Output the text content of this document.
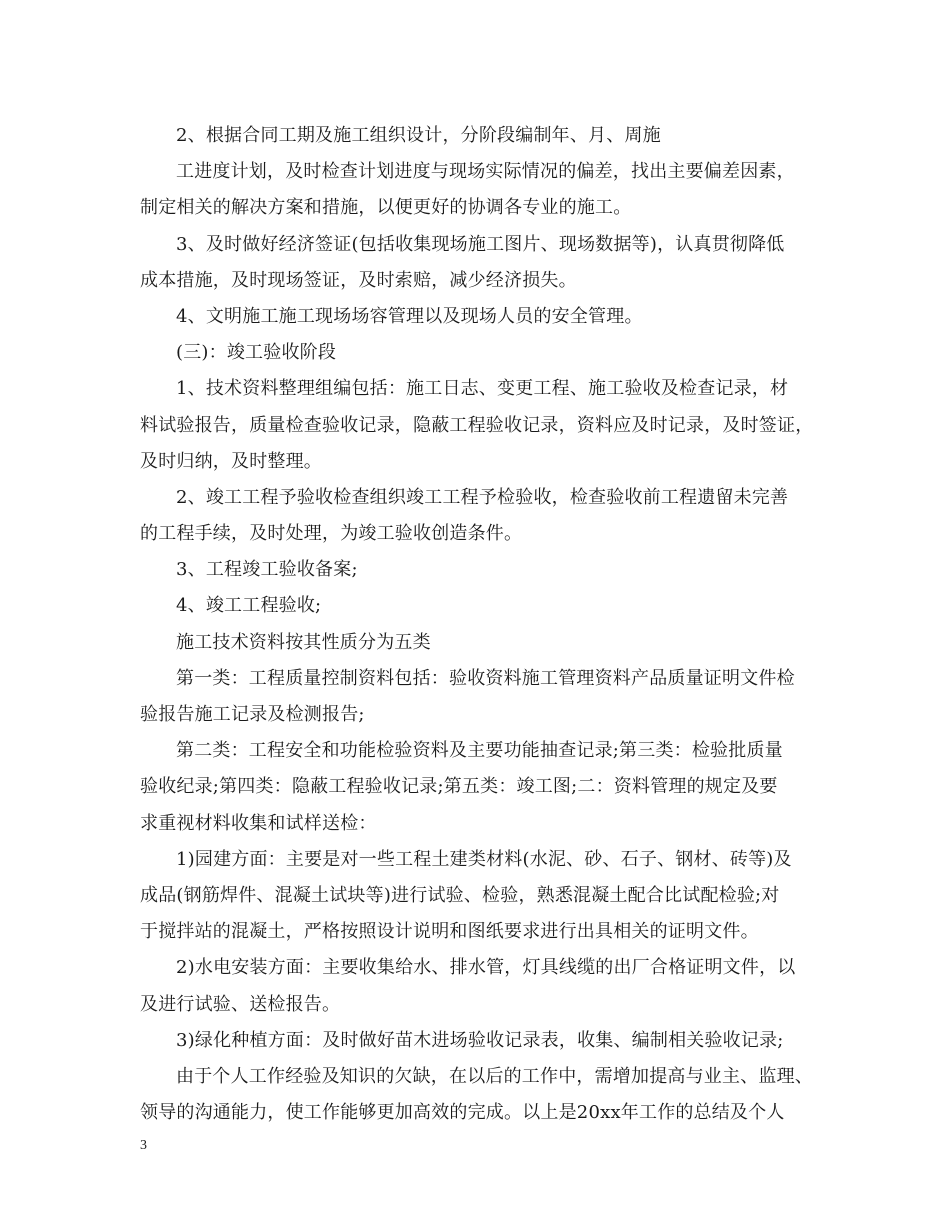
2、根据合同工期及施工组织设计，分阶段编制年、月、周施
工进度计划，及时检查计划进度与现场实际情况的偏差，找出主要偏差因素，
制定相关的解决方案和措施，以便更好的协调各专业的施工。
3、及时做好经济签证(包括收集现场施工图片、现场数据等)，认真贯彻降低
成本措施，及时现场签证，及时索赔，减少经济损失。
4、文明施工施工现场场容管理以及现场人员的安全管理。
(三)：竣工验收阶段
1、技术资料整理组编包括：施工日志、变更工程、施工验收及检查记录，材
料试验报告，质量检查验收记录，隐蔽工程验收记录，资料应及时记录，及时签证，
及时归纳，及时整理。
2、竣工工程予验收检查组织竣工工程予检验收，检查验收前工程遗留未完善
的工程手续，及时处理，为竣工验收创造条件。
3、工程竣工验收备案;
4、竣工工程验收;
施工技术资料按其性质分为五类
第一类：工程质量控制资料包括：验收资料施工管理资料产品质量证明文件检
验报告施工记录及检测报告;
第二类：工程安全和功能检验资料及主要功能抽查记录;第三类：检验批质量
验收纪录;第四类：隐蔽工程验收记录;第五类：竣工图;二：资料管理的规定及要
求重视材料收集和试样送检：
1)园建方面：主要是对一些工程土建类材料(水泥、砂、石子、钢材、砖等)及
成品(钢筋焊件、混凝土试块等)进行试验、检验，熟悉混凝土配合比试配检验;对
于搅拌站的混凝土，严格按照设计说明和图纸要求进行出具相关的证明文件。
2)水电安装方面：主要收集给水、排水管，灯具线缆的出厂合格证明文件，以
及进行试验、送检报告。
3)绿化种植方面：及时做好苗木进场验收记录表，收集、编制相关验收记录;
由于个人工作经验及知识的欠缺，在以后的工作中，需增加提高与业主、监理、
领导的沟通能力，使工作能够更加高效的完成。以上是20xx年工作的总结及个人
3
